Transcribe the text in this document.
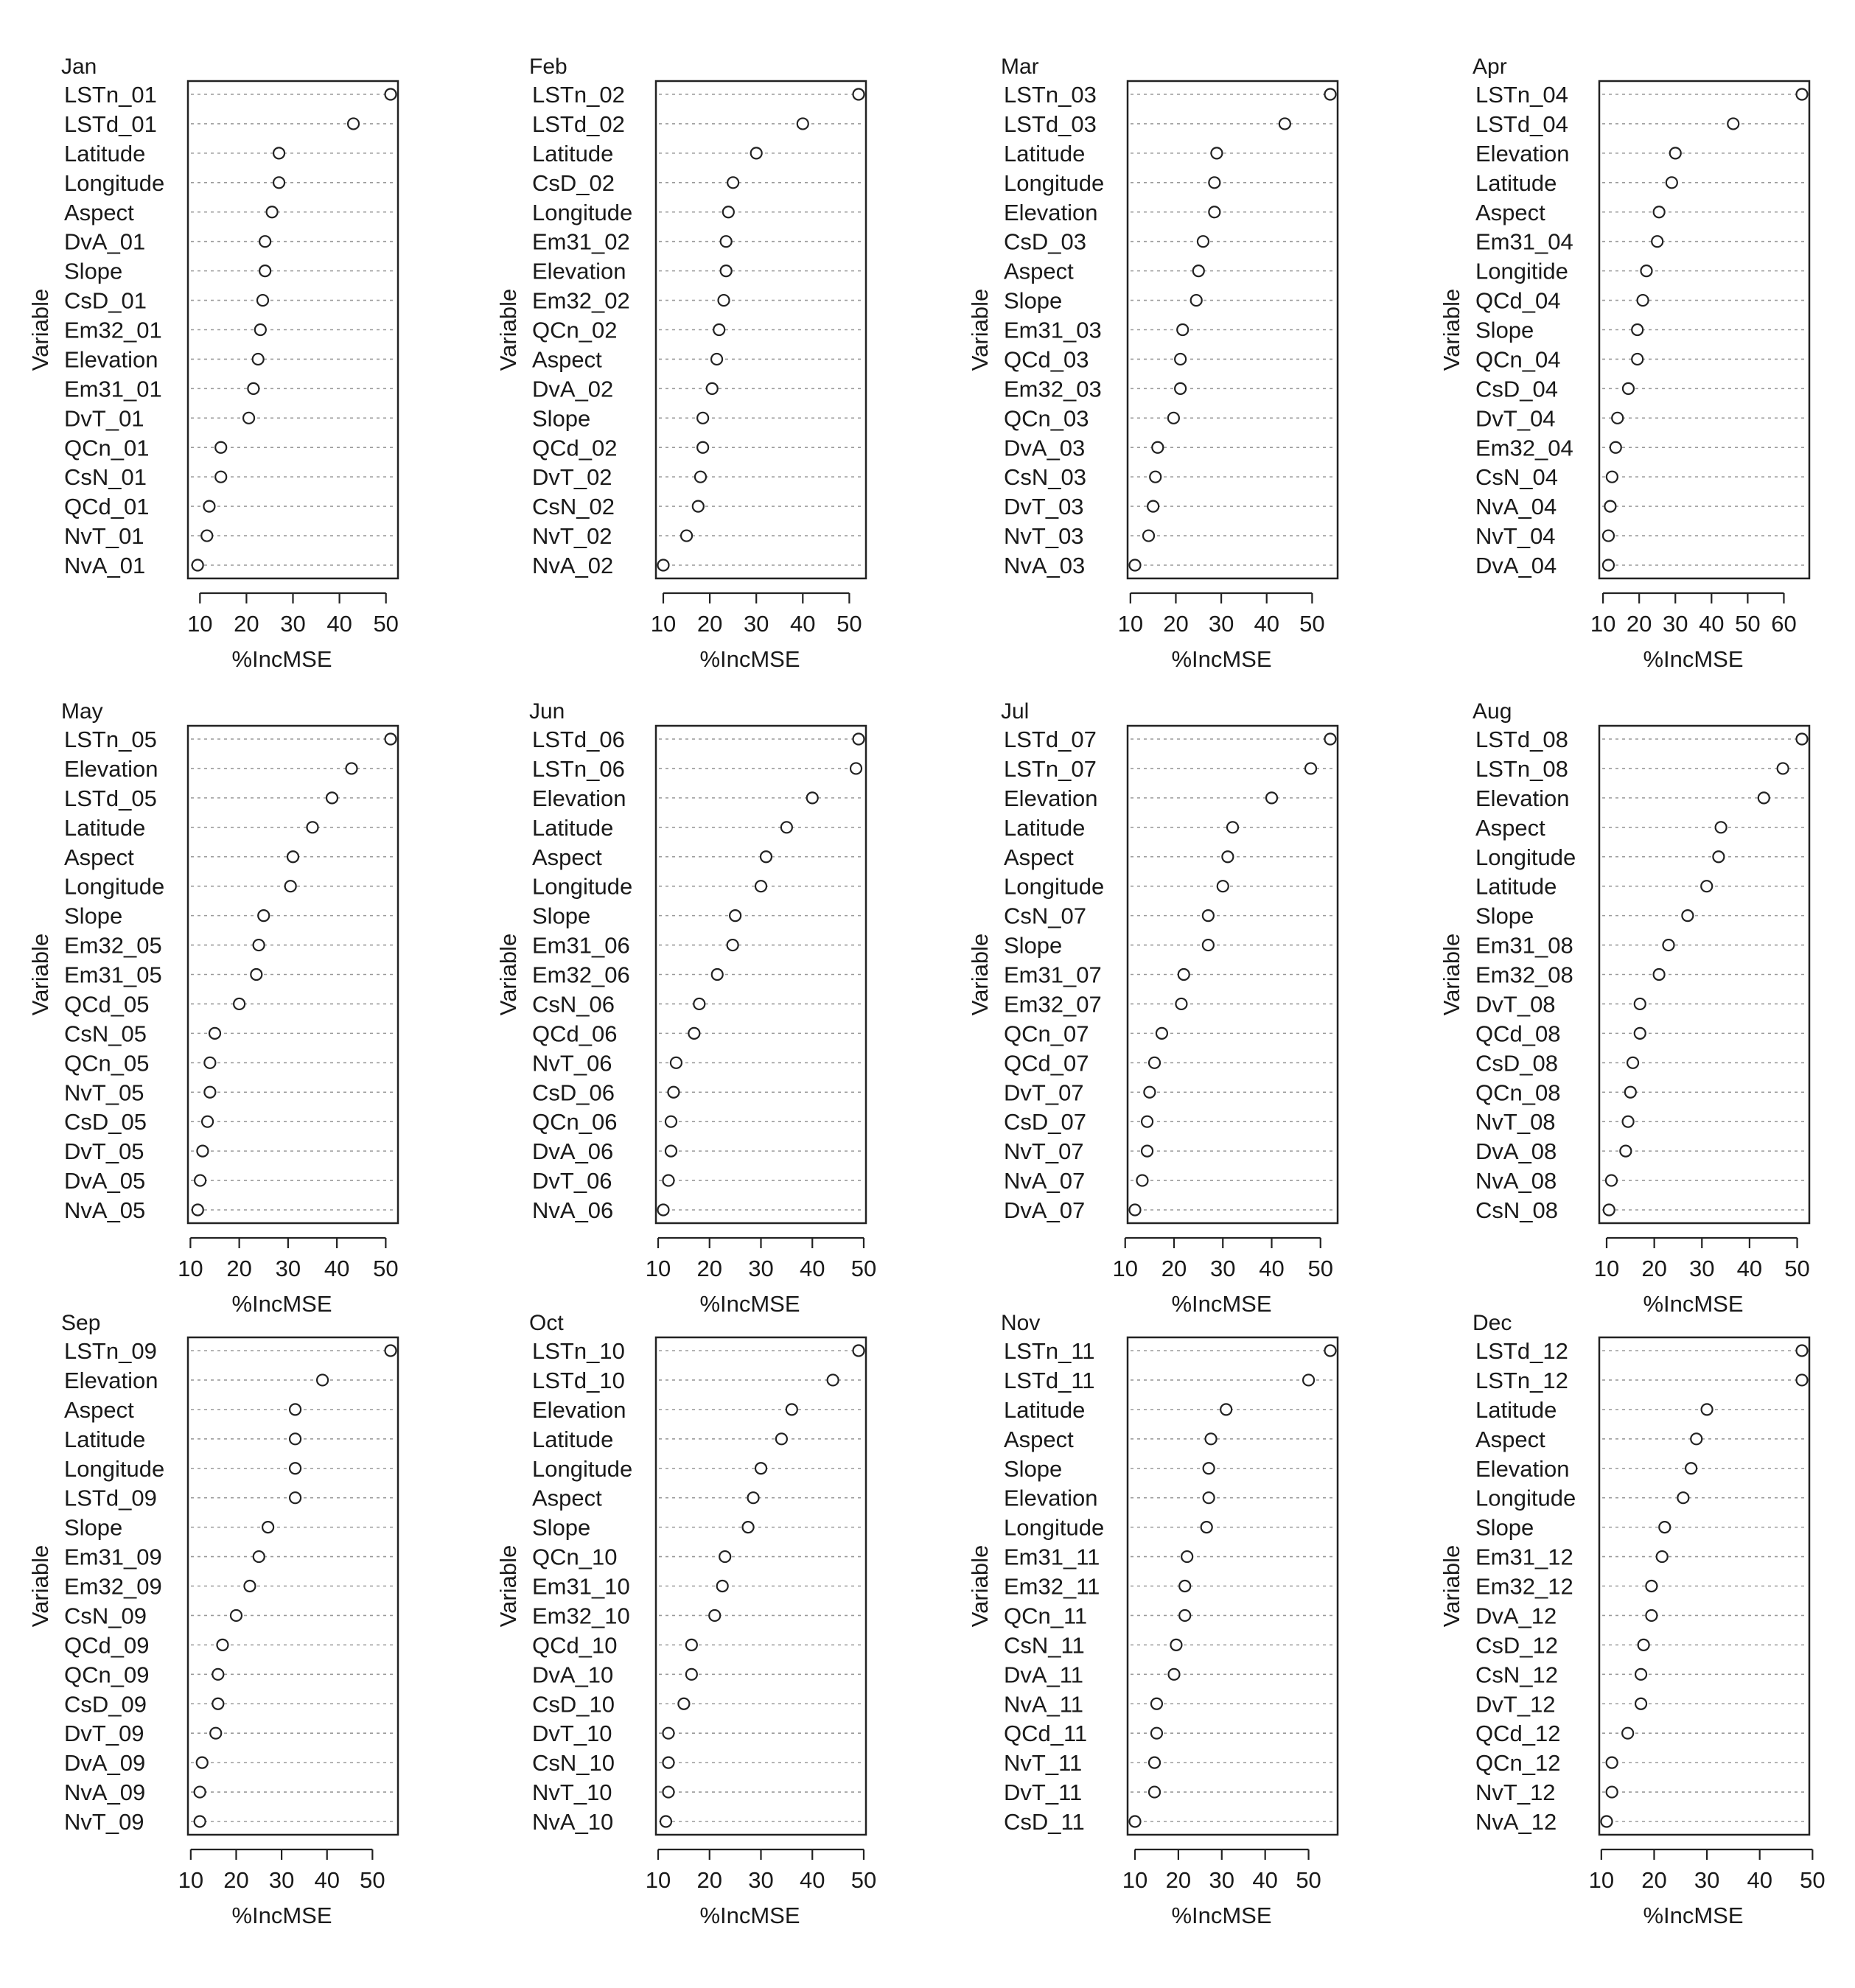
Jan
Variable
LSTn_01
LSTd_01
Latitude
Longitude
Aspect
DvA_01
Slope
CsD_01
Em32_01
Elevation
Em31_01
DvT_01
QCn_01
CsN_01
QCd_01
NvT_01
NvA_01
10 20 30 40 50
%IncMSE
Feb
Variable
LSTn_02
LSTd_02
Latitude
CsD_02
Longitude
Em31_02
Elevation
Em32_02
QCn_02
Aspect
DvA_02
Slope
QCd_02
DvT_02
CsN_02
NvT_02
NvA_02
10 20 30 40 50
%IncMSE
Mar
Variable
LSTn_03
LSTd_03
Latitude
Longitude
Elevation
CsD_03
Aspect
Slope
Em31_03
QCd_03
Em32_03
QCn_03
DvA_03
CsN_03
DvT_03
NvT_03
NvA_03
10 20 30 40 50
%IncMSE
Apr
Variable
LSTn_04
LSTd_04
Elevation
Latitude
Aspect
Em31_04
Longitide
QCd_04
Slope
QCn_04
CsD_04
DvT_04
Em32_04
CsN_04
NvA_04
NvT_04
DvA_04
10 20 30 40 50 60
%IncMSE
May
Variable
LSTn_05
Elevation
LSTd_05
Latitude
Aspect
Longitude
Slope
Em32_05
Em31_05
QCd_05
CsN_05
QCn_05
NvT_05
CsD_05
DvT_05
DvA_05
NvA_05
10 20 30 40 50
%IncMSE
Jun
Variable
LSTd_06
LSTn_06
Elevation
Latitude
Aspect
Longitude
Slope
Em31_06
Em32_06
CsN_06
QCd_06
NvT_06
CsD_06
QCn_06
DvA_06
DvT_06
NvA_06
10 20 30 40 50
%IncMSE
Jul
Variable
LSTd_07
LSTn_07
Elevation
Latitude
Aspect
Longitude
CsN_07
Slope
Em31_07
Em32_07
QCn_07
QCd_07
DvT_07
CsD_07
NvT_07
NvA_07
DvA_07
10 20 30 40 50
%IncMSE
Aug
Variable
LSTd_08
LSTn_08
Elevation
Aspect
Longitude
Latitude
Slope
Em31_08
Em32_08
DvT_08
QCd_08
CsD_08
QCn_08
NvT_08
DvA_08
NvA_08
CsN_08
10 20 30 40 50
%IncMSE
Sep
Variable
LSTn_09
Elevation
Aspect
Latitude
Longitude
LSTd_09
Slope
Em31_09
Em32_09
CsN_09
QCd_09
QCn_09
CsD_09
DvT_09
DvA_09
NvA_09
NvT_09
10 20 30 40 50
%IncMSE
Oct
Variable
LSTn_10
LSTd_10
Elevation
Latitude
Longitude
Aspect
Slope
QCn_10
Em31_10
Em32_10
QCd_10
DvA_10
CsD_10
DvT_10
CsN_10
NvT_10
NvA_10
10 20 30 40 50
%IncMSE
Nov
Variable
LSTn_11
LSTd_11
Latitude
Aspect
Slope
Elevation
Longitude
Em31_11
Em32_11
QCn_11
CsN_11
DvA_11
NvA_11
QCd_11
NvT_11
DvT_11
CsD_11
10 20 30 40 50
%IncMSE
Dec
Variable
LSTd_12
LSTn_12
Latitude
Aspect
Elevation
Longitude
Slope
Em31_12
Em32_12
DvA_12
CsD_12
CsN_12
DvT_12
QCd_12
QCn_12
NvT_12
NvA_12
10 20 30 40 50
%IncMSE
